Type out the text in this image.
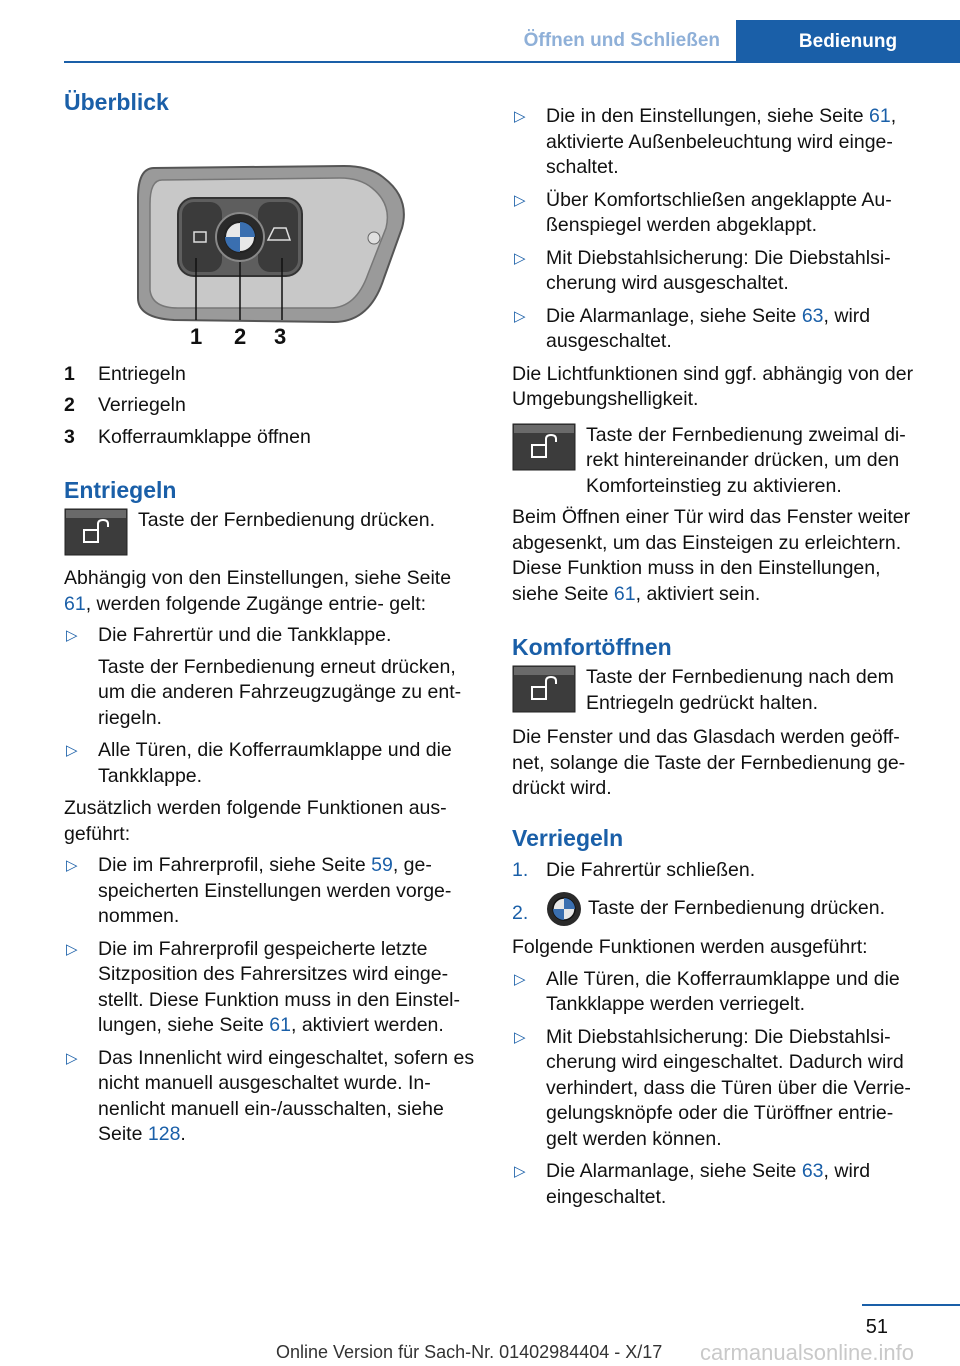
Öffnen und Schließen	Bedienung
Überblick
1 2 3
1	Entriegeln
2	Verriegeln
3	Kofferraumklappe öffnen
Entriegeln
Taste der Fernbedienung drücken.

Abhängig von den Einstellungen, siehe Seite 61, werden folgende Zugänge entrie‐ gelt:

▷ Die Fahrertür und die Tankklappe.

Taste der Fernbedienung erneut drücken, um die anderen Fahrzeugzugänge zu ent‐ riegeln.
▷ Alle Türen, die Kofferraumklappe und die Tankklappe.

Zusätzlich werden folgende Funktionen aus‐ geführt:

▷ Die im Fahrerprofil, siehe Seite 59, ge‐ speicherten Einstellungen werden vorge‐ nommen.
▷ Die im Fahrerprofil gespeicherte letzte Sitzposition des Fahrersitzes wird einge‐ stellt. Diese Funktion muss in den Einstel‐ lungen, siehe Seite 61, aktiviert werden.
▷ Das Innenlicht wird eingeschaltet, sofern es nicht manuell ausgeschaltet wurde. In‐ nenlicht manuell ein-/ausschalten, siehe Seite 128.
▷ Die in den Einstellungen, siehe Seite 61, aktivierte Außenbeleuchtung wird einge‐ schaltet.
▷ Über Komfortschließen angeklappte Au‐ ßenspiegel werden abgeklappt.
▷ Mit Diebstahlsicherung: Die Diebstahlsi‐ cherung wird ausgeschaltet.
▷ Die Alarmanlage, siehe Seite 63, wird ausgeschaltet.

Die Lichtfunktionen sind ggf. abhängig von der Umgebungshelligkeit.

Taste der Fernbedienung zweimal di‐ rekt hintereinander drücken, um den Komforteinstieg zu aktivieren.

Beim Öffnen einer Tür wird das Fenster weiter abgesenkt, um das Einsteigen zu erleichtern. Diese Funktion muss in den Einstellungen, siehe Seite 61, aktiviert sein.

Komfortöffnen
Taste der Fernbedienung nach dem Entriegeln gedrückt halten.

Die Fenster und das Glasdach werden geöff‐ net, solange die Taste der Fernbedienung ge‐ drückt wird.

Verriegeln
1. Die Fahrertür schließen.
2.	Taste der Fernbedienung drücken.

Folgende Funktionen werden ausgeführt:

▷ Alle Türen, die Kofferraumklappe und die Tankklappe werden verriegelt.
▷ Mit Diebstahlsicherung: Die Diebstahlsi‐ cherung wird eingeschaltet. Dadurch wird verhindert, dass die Türen über die Verrie‐ gelungsknöpfe oder die Türöffner entrie‐ gelt werden können.
▷ Die Alarmanlage, siehe Seite 63, wird eingeschaltet.
51
Online Version für Sach-Nr. 01402984404 - X/17 carmanualsonline.info
